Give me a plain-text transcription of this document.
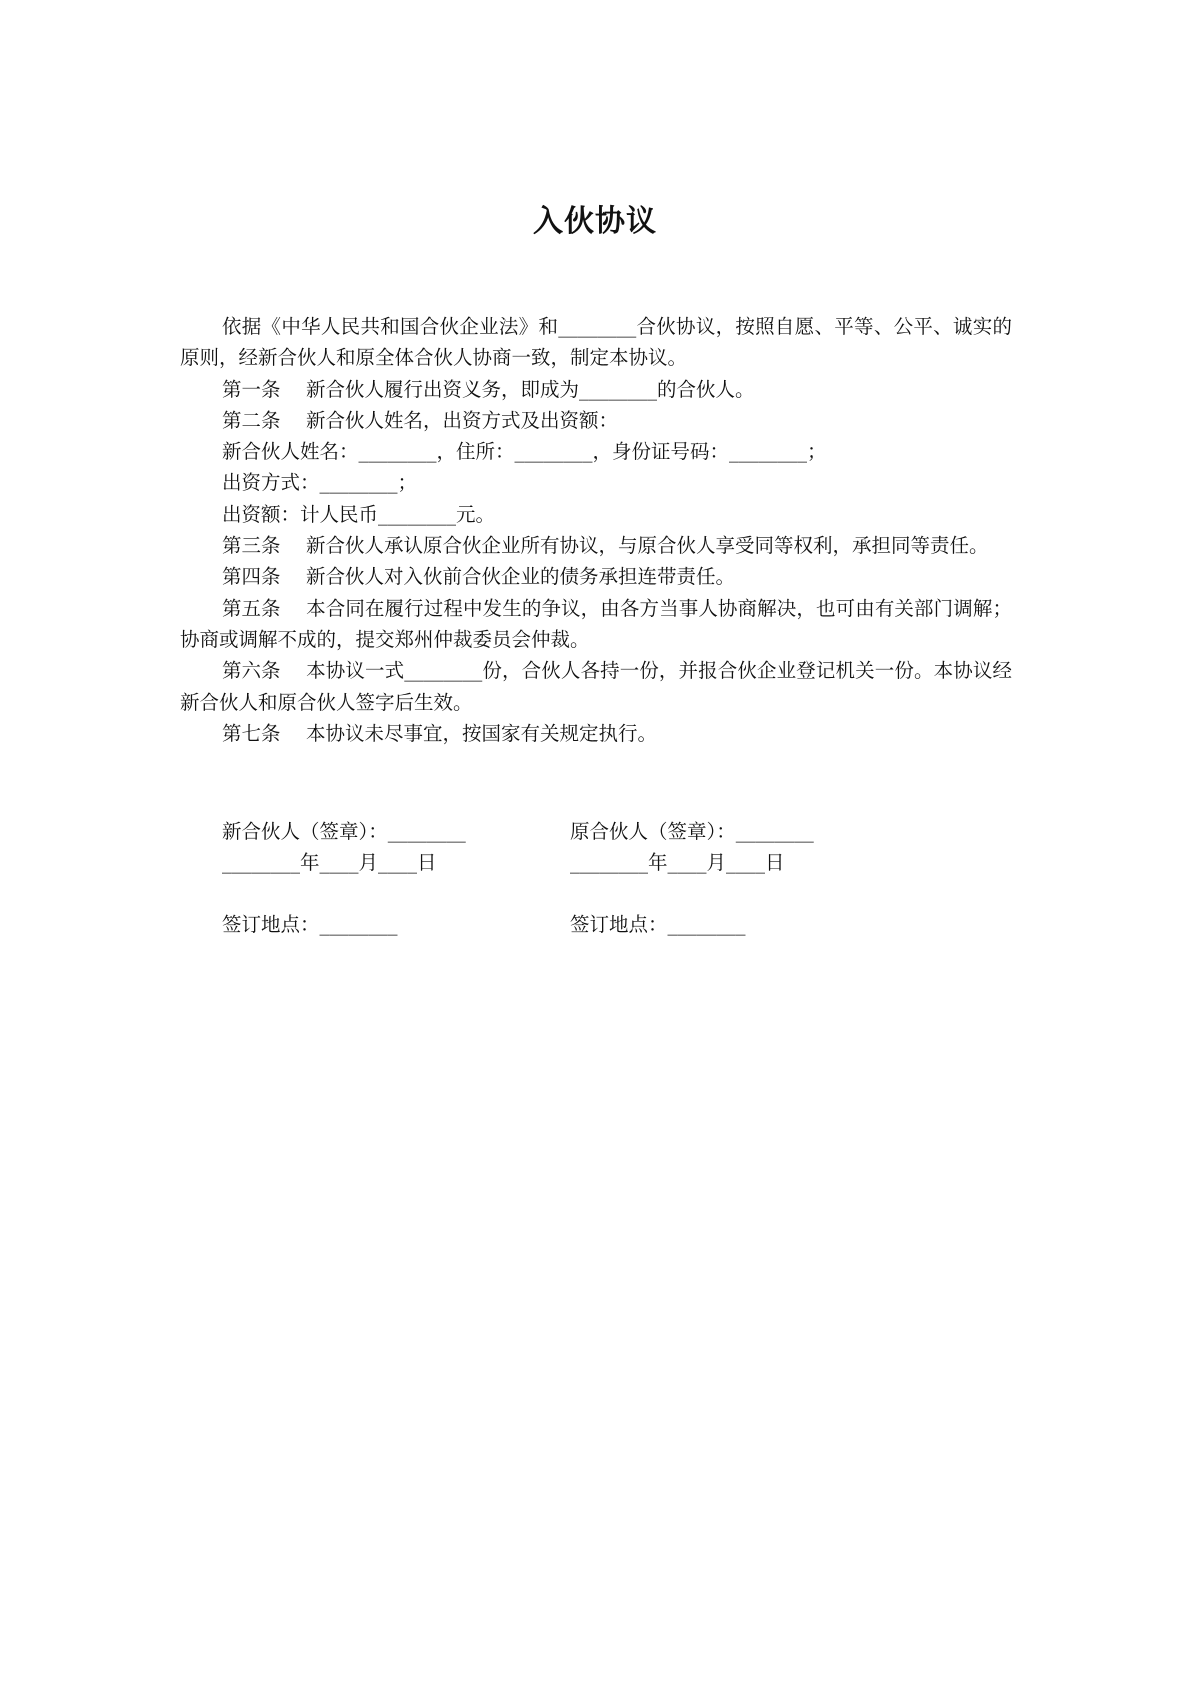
入伙协议

依据《中华人民共和国合伙企业法》和________合伙协议，按照自愿、平等、公平、诚实的原则，经新合伙人和原全体合伙人协商一致，制定本协议。

第一条 新合伙人履行出资义务，即成为________的合伙人。

第二条 新合伙人姓名，出资方式及出资额：

新合伙人姓名：________，住所：________，身份证号码：________；

出资方式：________；

出资额：计人民币________元。

第三条 新合伙人承认原合伙企业所有协议，与原合伙人享受同等权利，承担同等责任。

第四条 新合伙人对入伙前合伙企业的债务承担连带责任。

第五条 本合同在履行过程中发生的争议，由各方当事人协商解决，也可由有关部门调解；协商或调解不成的，提交郑州仲裁委员会仲裁。

第六条 本协议一式________份，合伙人各持一份，并报合伙企业登记机关一份。本协议经新合伙人和原合伙人签字后生效。

第七条 本协议未尽事宜，按国家有关规定执行。

新合伙人（签章）：________	原合伙人（签章）：________
________年____月____日	________年____月____日
签订地点：________	签订地点：________
